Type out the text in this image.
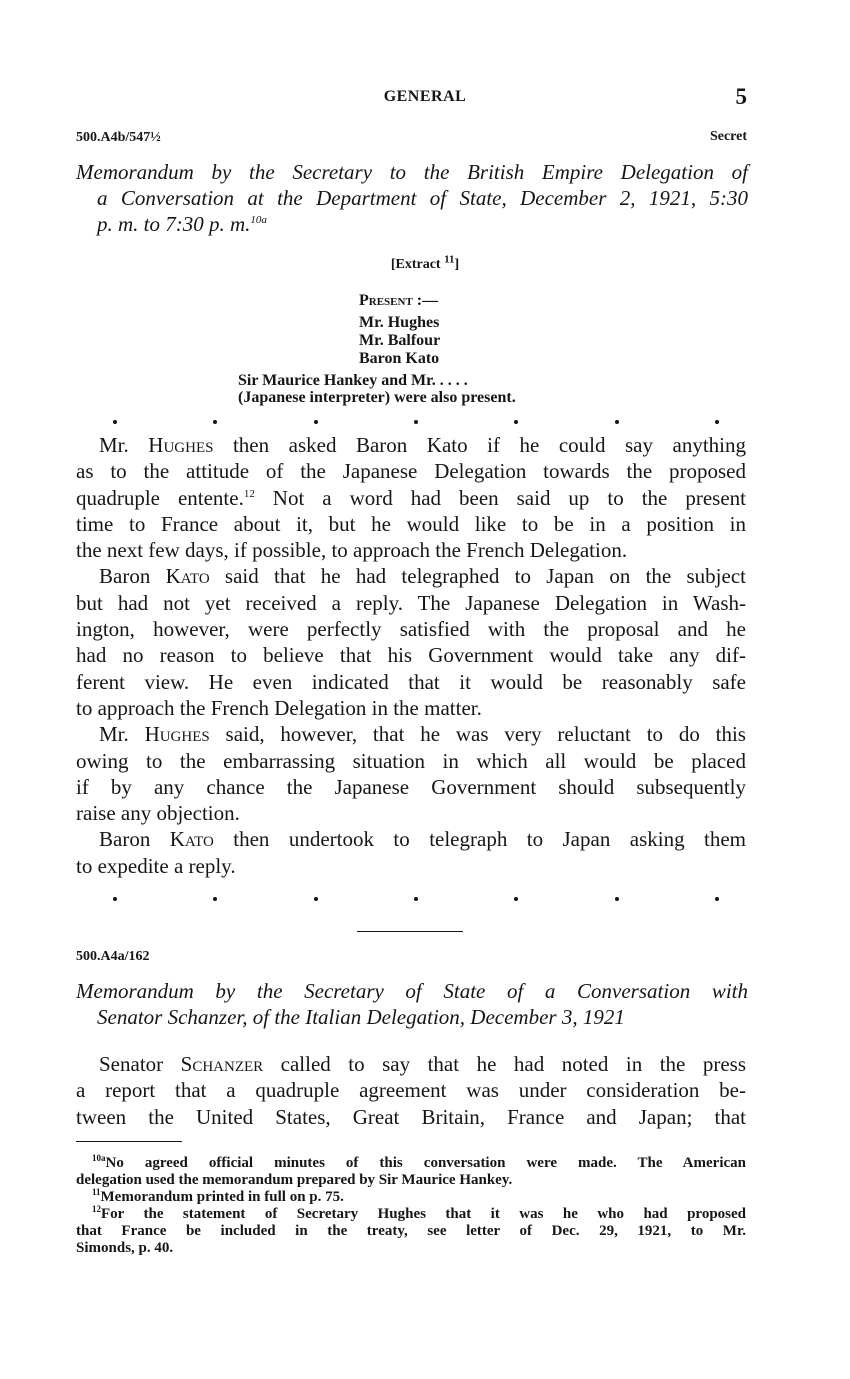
GENERAL	5
500.A4b/547½	Secret
Memorandum by the Secretary to the British Empire Delegation of
a Conversation at the Department of State, December 2, 1921, 5:30
p. m. to 7:30 p. m.$^{10a}$
[Extract $^{11}$]
Present :—
Mr. Hughes
Mr. Balfour
Baron Kato
Sir Maurice Hankey and Mr. . . . .
(Japanese interpreter) were also present.
Mr. Hughes then asked Baron Kato if he could say anything
as to the attitude of the Japanese Delegation towards the proposed
quadruple entente.$^{12}$ Not a word had been said up to the present
time to France about it, but he would like to be in a position in
the next few days, if possible, to approach the French Delegation.
Baron Kato said that he had telegraphed to Japan on the subject
but had not yet received a reply. The Japanese Delegation in Wash-
ington, however, were perfectly satisfied with the proposal and he
had no reason to believe that his Government would take any dif-
ferent view. He even indicated that it would be reasonably safe
to approach the French Delegation in the matter.
Mr. Hughes said, however, that he was very reluctant to do this
owing to the embarrassing situation in which all would be placed
if by any chance the Japanese Government should subsequently
raise any objection.
Baron Kato then undertook to telegraph to Japan asking them
to expedite a reply.
500.A4a/162
Memorandum by the Secretary of State of a Conversation with
Senator Schanzer, of the Italian Delegation, December 3, 1921
Senator Schanzer called to say that he had noted in the press
a report that a quadruple agreement was under consideration be-
tween the United States, Great Britain, France and Japan; that
$^{10a}$No agreed official minutes of this conversation were made. The American
delegation used the memorandum prepared by Sir Maurice Hankey.
$^{11}$Memorandum printed in full on p. 75.
$^{12}$For the statement of Secretary Hughes that it was he who had proposed
that France be included in the treaty, see letter of Dec. 29, 1921, to Mr.
Simonds, p. 40.
